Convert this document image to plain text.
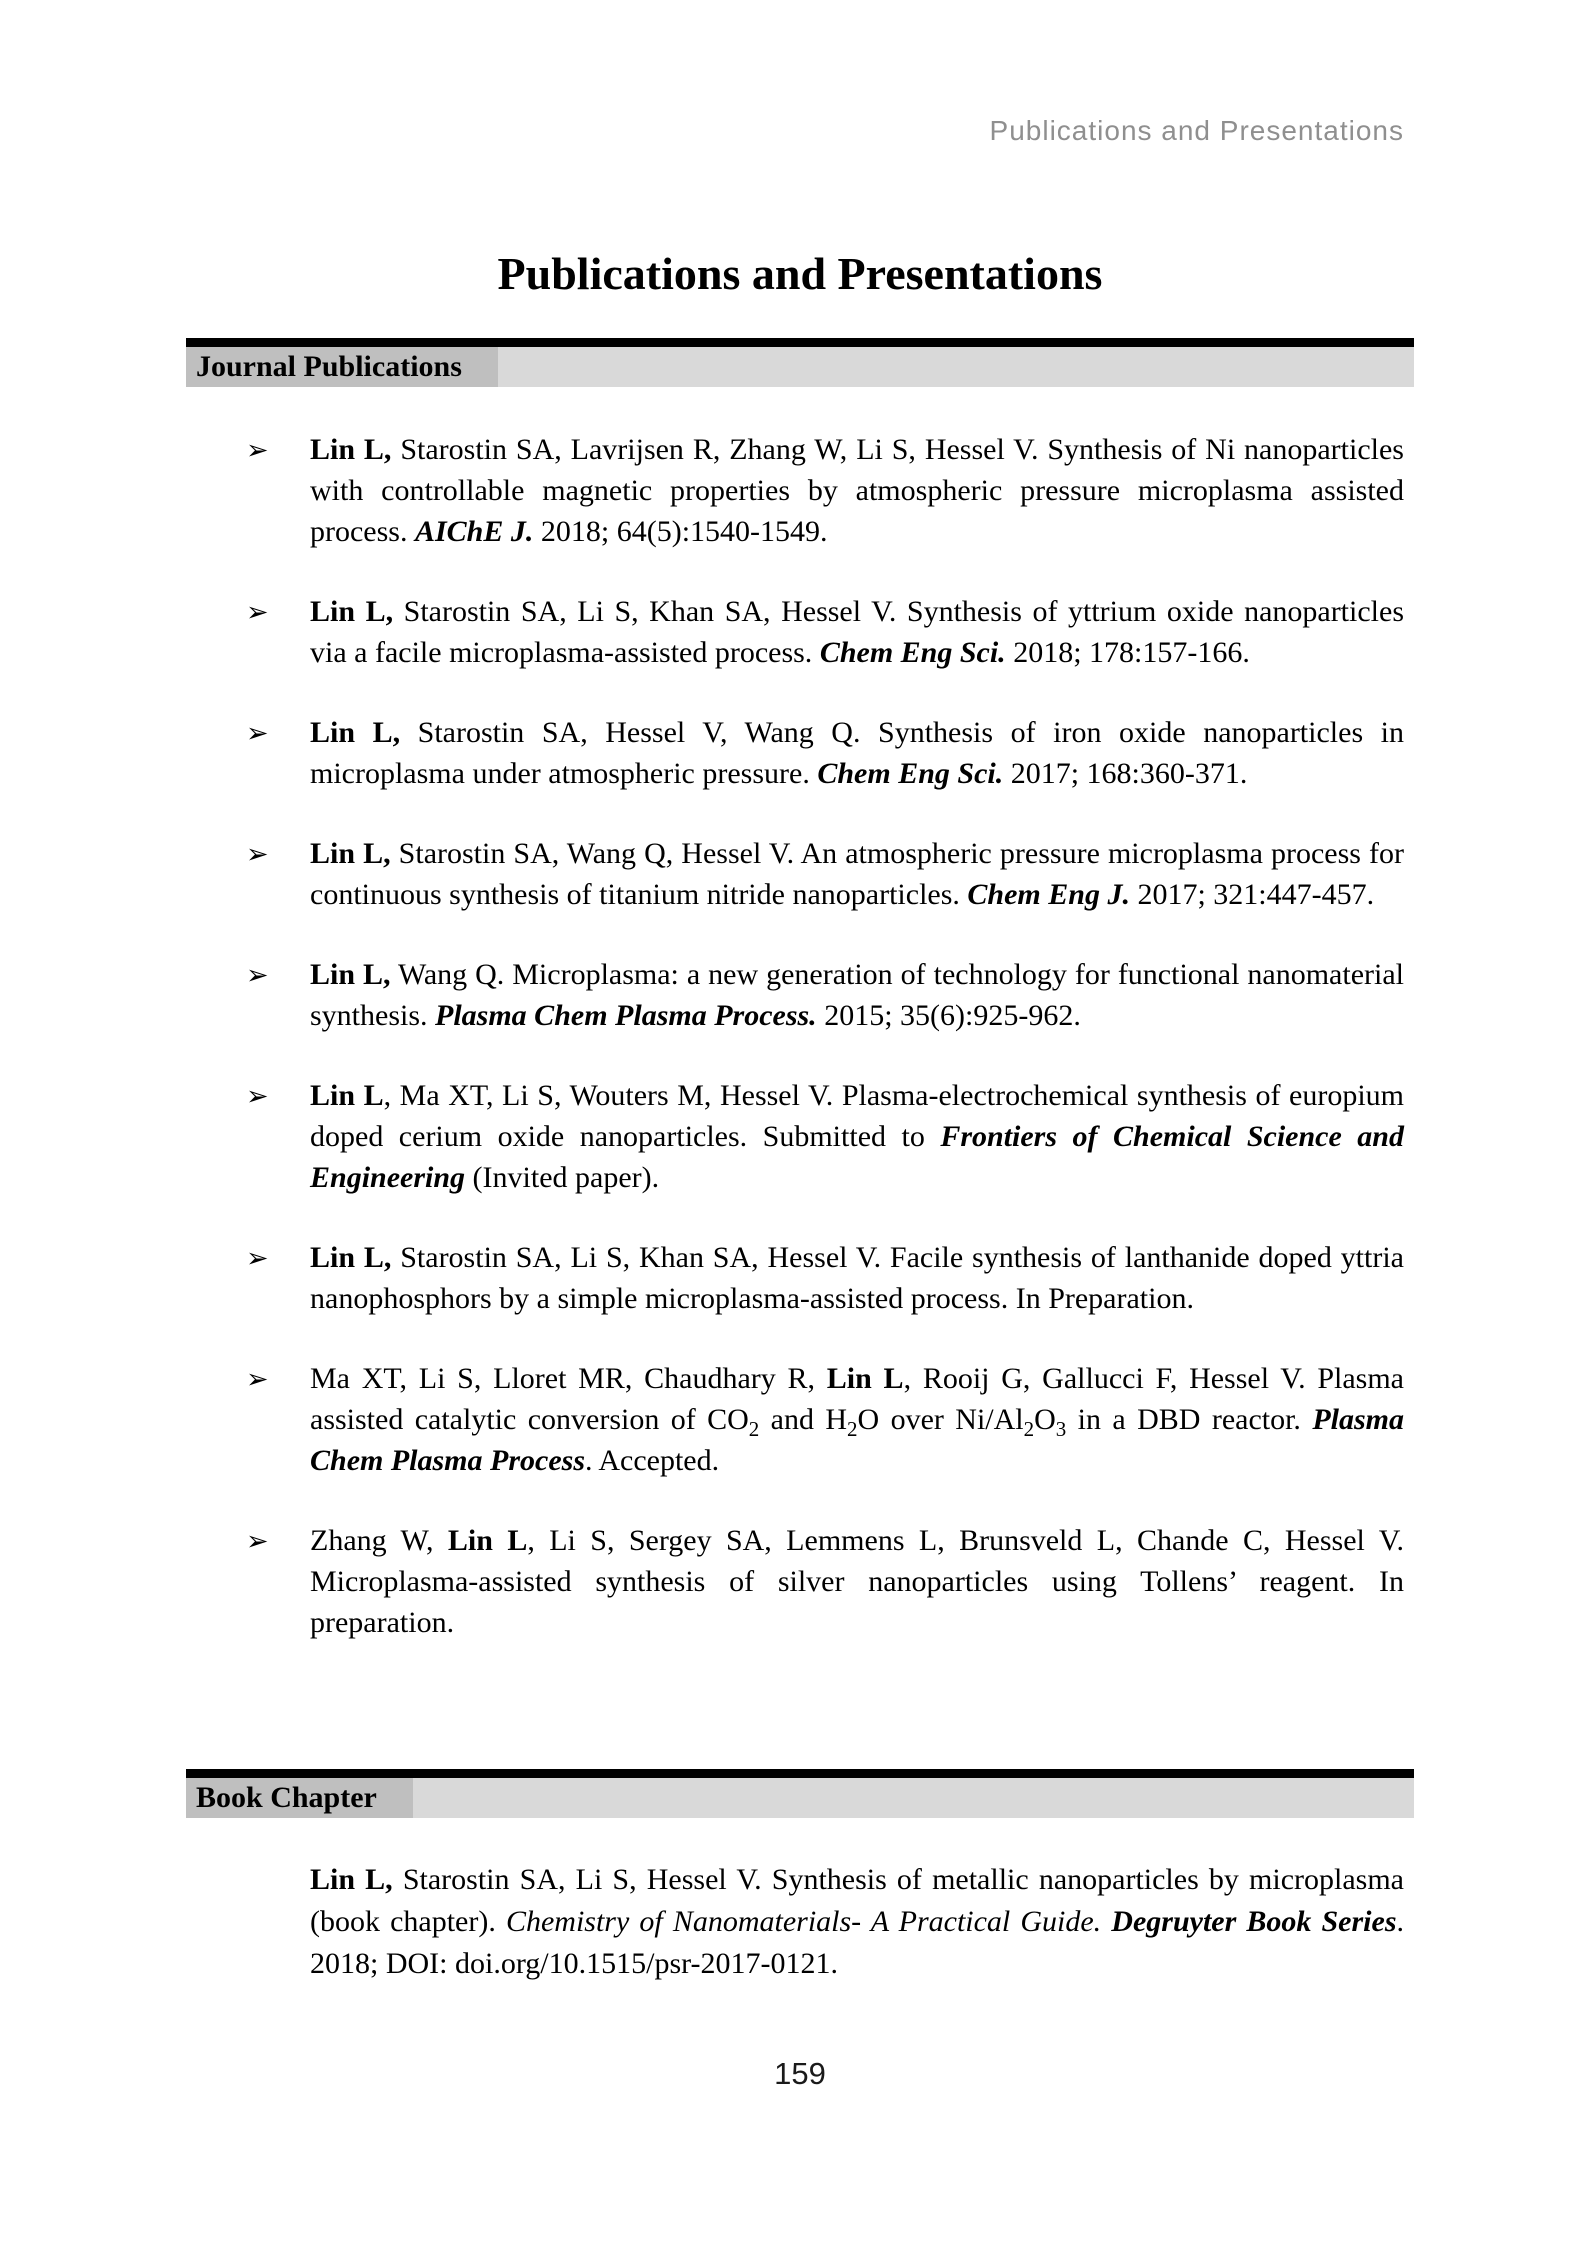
Publications and Presentations
Publications and Presentations
Journal Publications
➢ Lin L, Starostin SA, Lavrijsen R, Zhang W, Li S, Hessel V. Synthesis of Ni nanoparticles with controllable magnetic properties by atmospheric pressure microplasma assisted process. AIChE J. 2018; 64(5):1540-1549.
➢ Lin L, Starostin SA, Li S, Khan SA, Hessel V. Synthesis of yttrium oxide nanoparticles via a facile microplasma-assisted process. Chem Eng Sci. 2018; 178:157-166.
➢ Lin L, Starostin SA, Hessel V, Wang Q. Synthesis of iron oxide nanoparticles in microplasma under atmospheric pressure. Chem Eng Sci. 2017; 168:360-371.
➢ Lin L, Starostin SA, Wang Q, Hessel V. An atmospheric pressure microplasma process for continuous synthesis of titanium nitride nanoparticles. Chem Eng J. 2017; 321:447-457.
➢ Lin L, Wang Q. Microplasma: a new generation of technology for functional nanomaterial synthesis. Plasma Chem Plasma Process. 2015; 35(6):925-962.
➢ Lin L, Ma XT, Li S, Wouters M, Hessel V. Plasma-electrochemical synthesis of europium doped cerium oxide nanoparticles. Submitted to Frontiers of Chemical Science and Engineering (Invited paper).
➢ Lin L, Starostin SA, Li S, Khan SA, Hessel V. Facile synthesis of lanthanide doped yttria nanophosphors by a simple microplasma-assisted process. In Preparation.
➢ Ma XT, Li S, Lloret MR, Chaudhary R, Lin L, Rooij G, Gallucci F, Hessel V. Plasma assisted catalytic conversion of $CO_2$ and $H_2O$ over $Ni/Al_2O_3$ in a DBD reactor. Plasma Chem Plasma Process. Accepted.
➢ Zhang W, Lin L, Li S, Sergey SA, Lemmens L, Brunsveld L, Chande C, Hessel V. Microplasma-assisted synthesis of silver nanoparticles using Tollens’ reagent. In preparation.
Book Chapter

Lin L, Starostin SA, Li S, Hessel V. Synthesis of metallic nanoparticles by microplasma (book chapter). Chemistry of Nanomaterials- A Practical Guide. Degruyter Book Series. 2018; DOI: doi.org/10.1515/psr-2017-0121.

159
